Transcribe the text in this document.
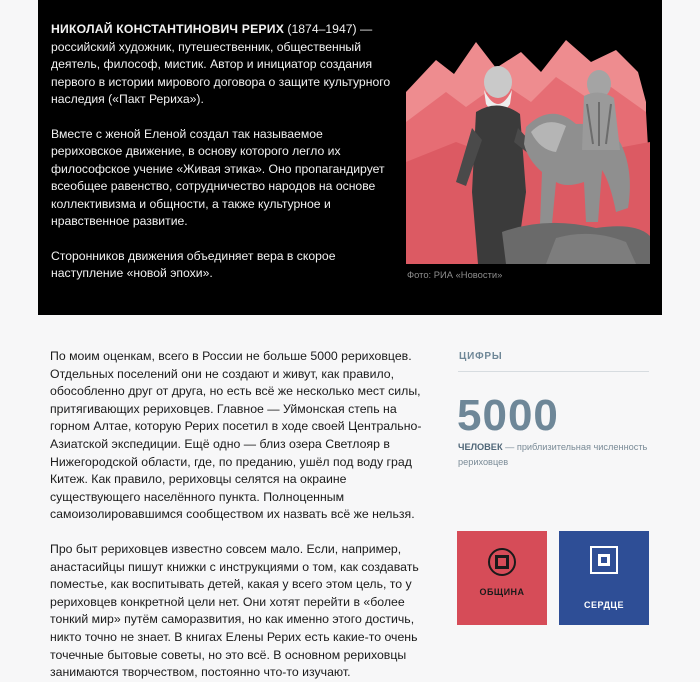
НИКОЛАЙ КОНСТАНТИНОВИЧ РЕРИХ (1874–1947) — российский художник, путешественник, общественный деятель, философ, мистик. Автор и инициатор создания первого в истории мирового договора о защите культурного наследия («Пакт Рериха»).

Вместе с женой Еленой создал так называемое рериховское движение, в основу которого легло их философское учение «Живая этика». Оно пропагандирует всеобщее равенство, сотрудничество народов на основе коллективизма и общности, а также культурное и нравственное развитие.

Сторонников движения объединяет вера в скорое наступление «новой эпохи».	Фото: РИА «Новости»

По моим оценкам, всего в России не больше 5000 рериховцев. Отдельных поселений они не создают и живут, как правило, обособленно друг от друга, но есть всё же несколько мест силы, притягивающих рериховцев. Главное — Уймонская степь на горном Алтае, которую Рерих посетил в ходе своей Центрально-Азиатской экспедиции. Ещё одно — близ озера Светлояр в Нижегородской области, где, по преданию, ушёл под воду град Китеж. Как правило, рериховцы селятся на окраине существующего населённого пункта. Полноценным самоизолировавшимся сообществом их назвать всё же нельзя.

Про быт рериховцев известно совсем мало. Если, например, анастасийцы пишут книжки с инструкциями о том, как создавать поместье, как воспитывать детей, какая у всего этом цель, то у рериховцев конкретной цели нет. Они хотят перейти в «более тонкий мир» путём саморазвития, но как именно этого достичь, никто точно не знает. В книгах Елены Рерих есть какие-то очень точечные бытовые советы, но это всё. В основном рериховцы занимаются творчеством, постоянно что-то изучают.

ЦИФРЫ
5000
ЧЕЛОВЕК — приблизительная численность рериховцев
ОБЩИНА
СЕРДЦЕ
